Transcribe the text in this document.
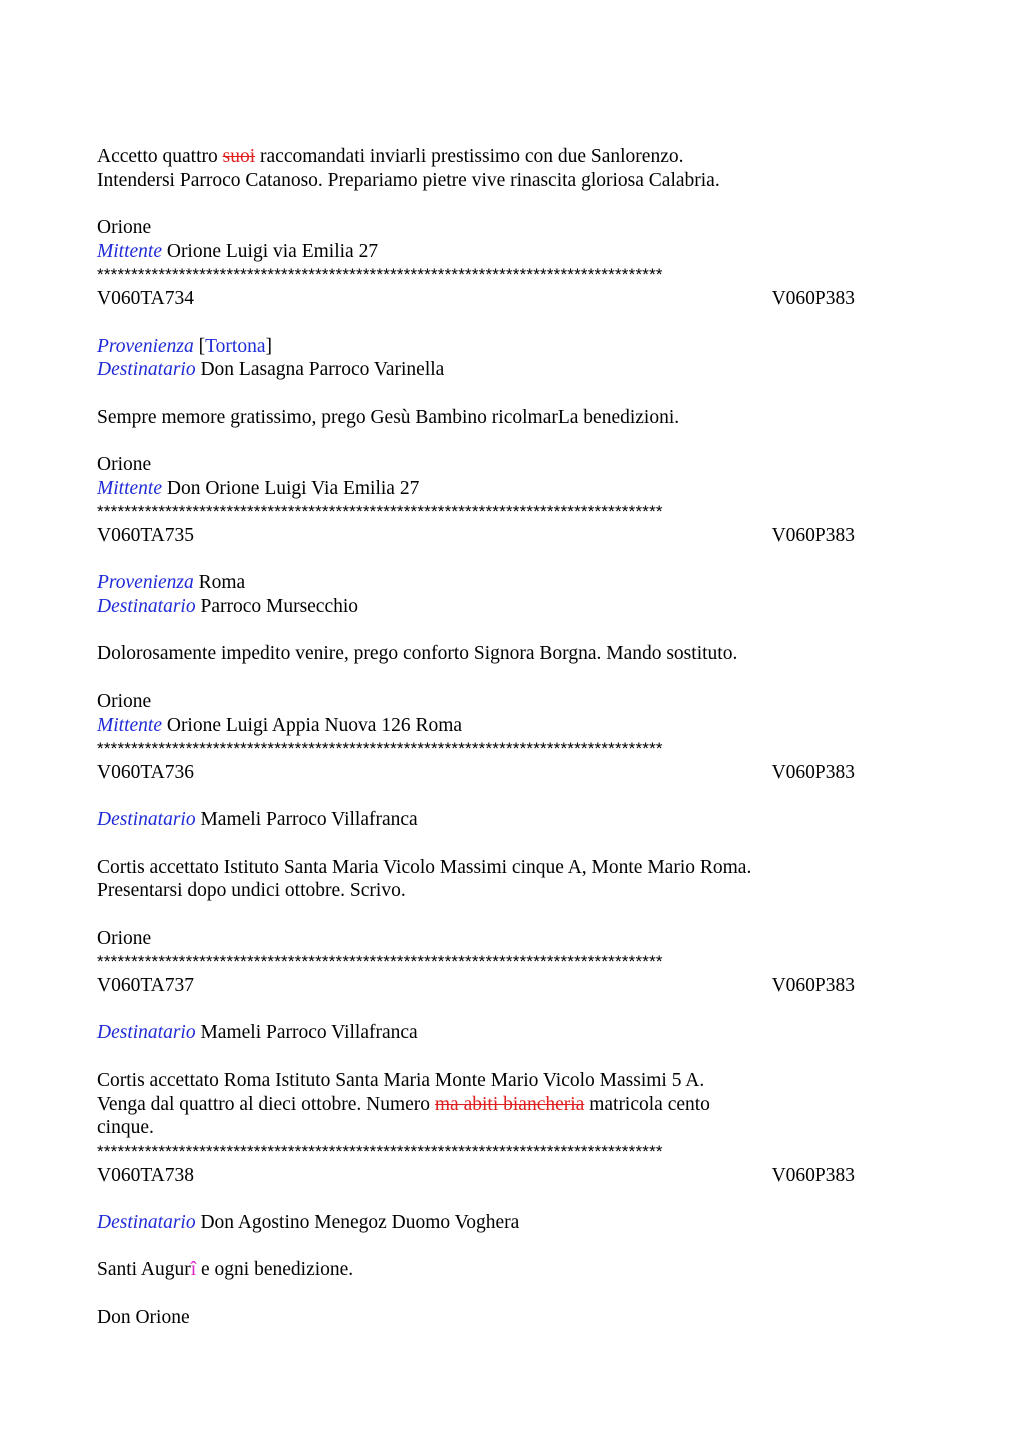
Accetto quattro suoi raccomandati inviarli prestissimo con due Sanlorenzo.
Intendersi Parroco Catanoso. Prepariamo pietre vive rinascita gloriosa Calabria.
Orione
Mittente Orione Luigi via Emilia 27
***********************************************************************************
V060TA734	V060P383
Provenienza [Tortona]
Destinatario Don Lasagna Parroco Varinella
Sempre memore gratissimo, prego Gesù Bambino ricolmarLa benedizioni.
Orione
Mittente Don Orione Luigi Via Emilia 27
***********************************************************************************
V060TA735	V060P383
Provenienza Roma
Destinatario Parroco Mursecchio
Dolorosamente impedito venire, prego conforto Signora Borgna. Mando sostituto.
Orione
Mittente Orione Luigi Appia Nuova 126 Roma
***********************************************************************************
V060TA736	V060P383
Destinatario Mameli Parroco Villafranca
Cortis accettato Istituto Santa Maria Vicolo Massimi cinque A, Monte Mario Roma.
Presentarsi dopo undici ottobre. Scrivo.
Orione
***********************************************************************************
V060TA737	V060P383
Destinatario Mameli Parroco Villafranca
Cortis accettato Roma Istituto Santa Maria Monte Mario Vicolo Massimi 5 A.
Venga dal quattro al dieci ottobre. Numero ma abiti biancheria matricola cento
cinque.
***********************************************************************************
V060TA738	V060P383
Destinatario Don Agostino Menegoz Duomo Voghera
Santi Augurî e ogni benedizione.
Don Orione
